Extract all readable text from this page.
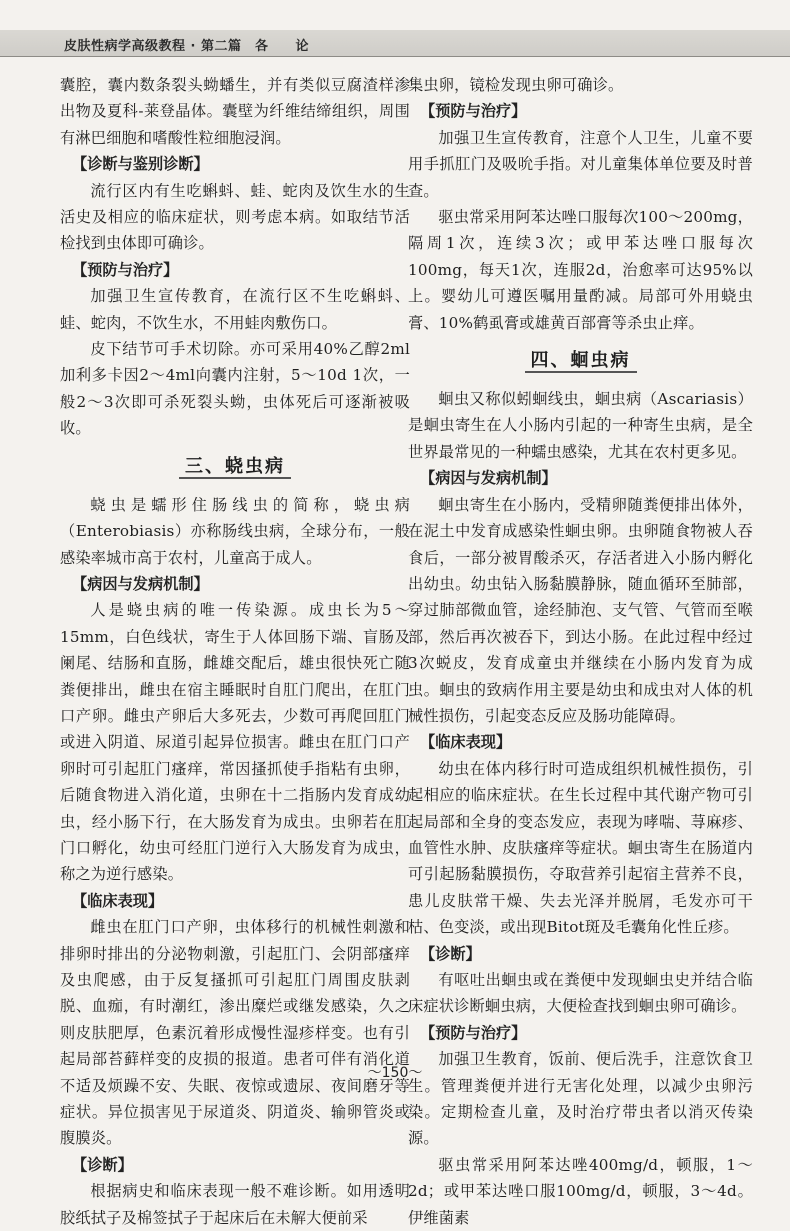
皮肤性病学高级教程 · 第二篇　各　　论

囊腔，囊内数条裂头蚴蟠生，并有类似豆腐渣样渗出物及夏科-莱登晶体。囊壁为纤维结缔组织，周围有淋巴细胞和嗜酸性粒细胞浸润。

【诊断与鉴别诊断】

流行区内有生吃蝌蚪、蛙、蛇肉及饮生水的生活史及相应的临床症状，则考虑本病。如取结节活检找到虫体即可确诊。

【预防与治疗】

加强卫生宣传教育，在流行区不生吃蝌蚪、蛙、蛇肉，不饮生水，不用蛙肉敷伤口。

皮下结节可手术切除。亦可采用40%乙醇2ml加利多卡因2～4ml向囊内注射，5～10d 1次，一般2～3次即可杀死裂头蚴，虫体死后可逐渐被吸收。

三、蛲虫病

蛲虫是蠕形住肠线虫的简称，蛲虫病（Enterobiasis）亦称肠线虫病，全球分布，一般感染率城市高于农村，儿童高于成人。

【病因与发病机制】

人是蛲虫病的唯一传染源。成虫长为5～15mm，白色线状，寄生于人体回肠下端、盲肠及阑尾、结肠和直肠，雌雄交配后，雄虫很快死亡随粪便排出，雌虫在宿主睡眠时自肛门爬出，在肛门口产卵。雌虫产卵后大多死去，少数可再爬回肛门或进入阴道、尿道引起异位损害。雌虫在肛门口产卵时可引起肛门瘙痒，常因搔抓使手指粘有虫卵，后随食物进入消化道，虫卵在十二指肠内发育成幼虫，经小肠下行，在大肠发育为成虫。虫卵若在肛门口孵化，幼虫可经肛门逆行入大肠发育为成虫，称之为逆行感染。

【临床表现】

雌虫在肛门口产卵，虫体移行的机械性刺激和排卵时排出的分泌物刺激，引起肛门、会阴部瘙痒及虫爬感，由于反复搔抓可引起肛门周围皮肤剥脱、血痂，有时潮红，渗出糜烂或继发感染，久之则皮肤肥厚，色素沉着形成慢性湿疹样变。也有引起局部苔藓样变的皮损的报道。患者可伴有消化道不适及烦躁不安、失眠、夜惊或遗尿、夜间磨牙等症状。异位损害见于尿道炎、阴道炎、输卵管炎或腹膜炎。

【诊断】

根据病史和临床表现一般不难诊断。如用透明胶纸拭子及棉签拭子于起床后在未解大便前采

集虫卵，镜检发现虫卵可确诊。

【预防与治疗】

加强卫生宣传教育，注意个人卫生，儿童不要用手抓肛门及吸吮手指。对儿童集体单位要及时普查。

驱虫常采用阿苯达唑口服每次100～200mg，隔周1次，连续3次；或甲苯达唑口服每次100mg，每天1次，连服2d，治愈率可达95%以上。婴幼儿可遵医嘱用量酌减。局部可外用蛲虫膏、10%鹤虱膏或雄黄百部膏等杀虫止痒。

四、蛔虫病

蛔虫又称似蚓蛔线虫，蛔虫病（Ascariasis）是蛔虫寄生在人小肠内引起的一种寄生虫病，是全世界最常见的一种蠕虫感染，尤其在农村更多见。

【病因与发病机制】

蛔虫寄生在小肠内，受精卵随粪便排出体外，在泥土中发育成感染性蛔虫卵。虫卵随食物被人吞食后，一部分被胃酸杀灭，存活者进入小肠内孵化出幼虫。幼虫钻入肠黏膜静脉，随血循环至肺部，穿过肺部微血管，途经肺泡、支气管、气管而至喉部，然后再次被吞下，到达小肠。在此过程中经过3次蜕皮，发育成童虫并继续在小肠内发育为成虫。蛔虫的致病作用主要是幼虫和成虫对人体的机械性损伤，引起变态反应及肠功能障碍。

【临床表现】

幼虫在体内移行时可造成组织机械性损伤，引起相应的临床症状。在生长过程中其代谢产物可引起局部和全身的变态发应，表现为哮喘、荨麻疹、血管性水肿、皮肤瘙痒等症状。蛔虫寄生在肠道内可引起肠黏膜损伤，夺取营养引起宿主营养不良，患儿皮肤常干燥、失去光泽并脱屑，毛发亦可干枯、色变淡，或出现Bitot斑及毛囊角化性丘疹。

【诊断】

有呕吐出蛔虫或在粪便中发现蛔虫史并结合临床症状诊断蛔虫病，大便检查找到蛔虫卵可确诊。

【预防与治疗】

加强卫生教育，饭前、便后洗手，注意饮食卫生。管理粪便并进行无害化处理，以减少虫卵污染。定期检查儿童，及时治疗带虫者以消灭传染源。

驱虫常采用阿苯达唑400mg/d，顿服，1～2d；或甲苯达唑口服100mg/d，顿服，3～4d。伊维菌素

～150～
